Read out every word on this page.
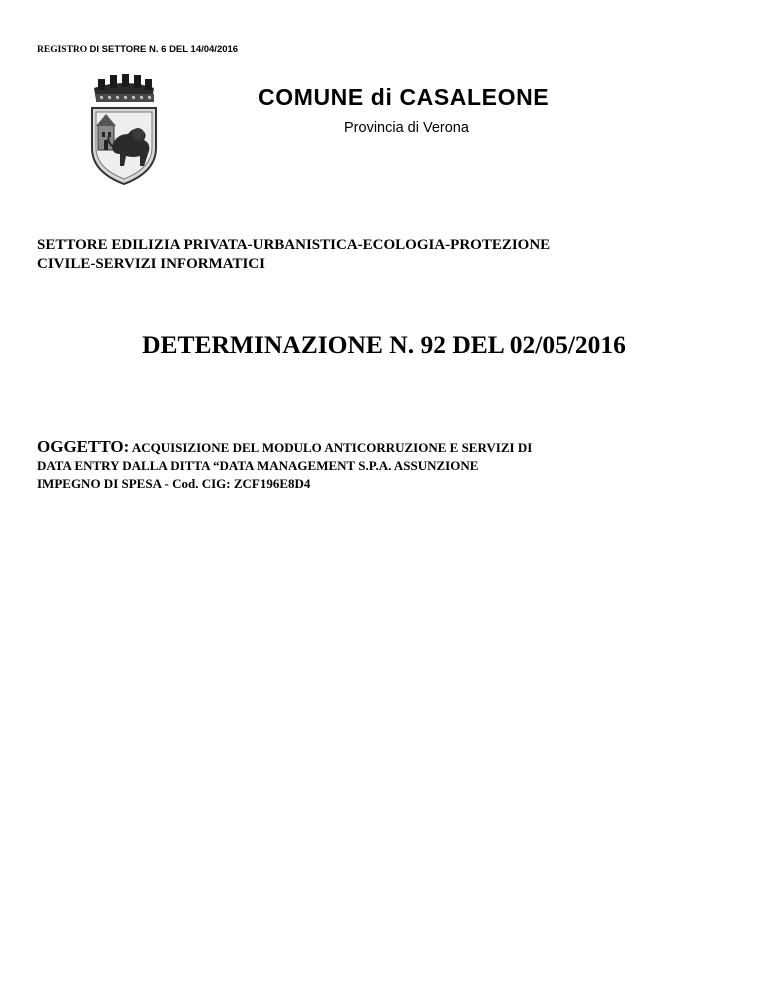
REGISTRO DI SETTORE N. 6 DEL 14/04/2016
COMUNE di CASALEONE
Provincia di Verona
SETTORE EDILIZIA PRIVATA-URBANISTICA-ECOLOGIA-PROTEZIONE
CIVILE-SERVIZI INFORMATICI
DETERMINAZIONE N. 92 DEL 02/05/2016
OGGETTO: ACQUISIZIONE DEL MODULO ANTICORRUZIONE E SERVIZI DI
DATA ENTRY DALLA DITTA “DATA MANAGEMENT S.P.A. ASSUNZIONE
IMPEGNO DI SPESA - Cod. CIG: ZCF196E8D4
